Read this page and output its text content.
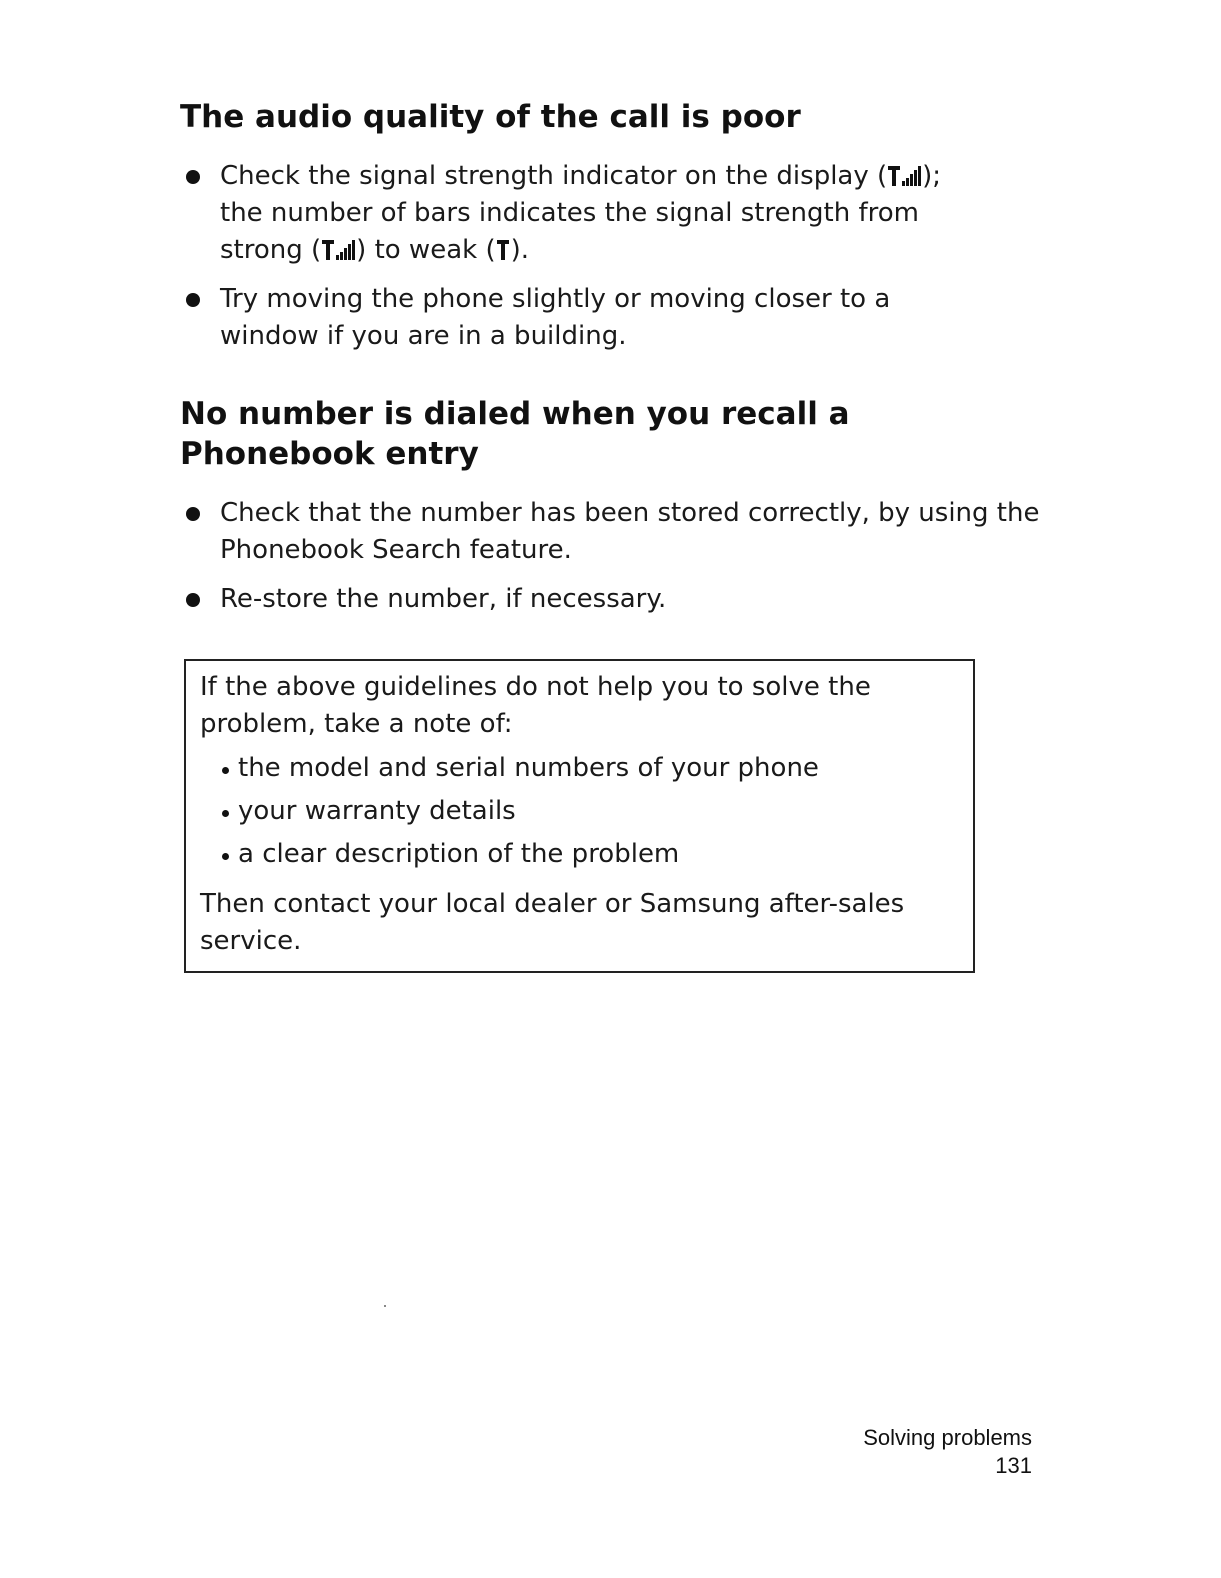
The audio quality of the call is poor
Check the signal strength indicator on the display ( );
the number of bars indicates the signal strength from
strong ( ) to weak ( ).
Try moving the phone slightly or moving closer to a window if you are in a building.
No number is dialed when you recall a
Phonebook entry
Check that the number has been stored correctly, by using the Phonebook Search feature.
Re-store the number, if necessary.

If the above guidelines do not help you to solve the problem, take a note of:

the model and serial numbers of your phone
your warranty details
a clear description of the problem

Then contact your local dealer or Samsung after-sales service.

Solving problems
131
